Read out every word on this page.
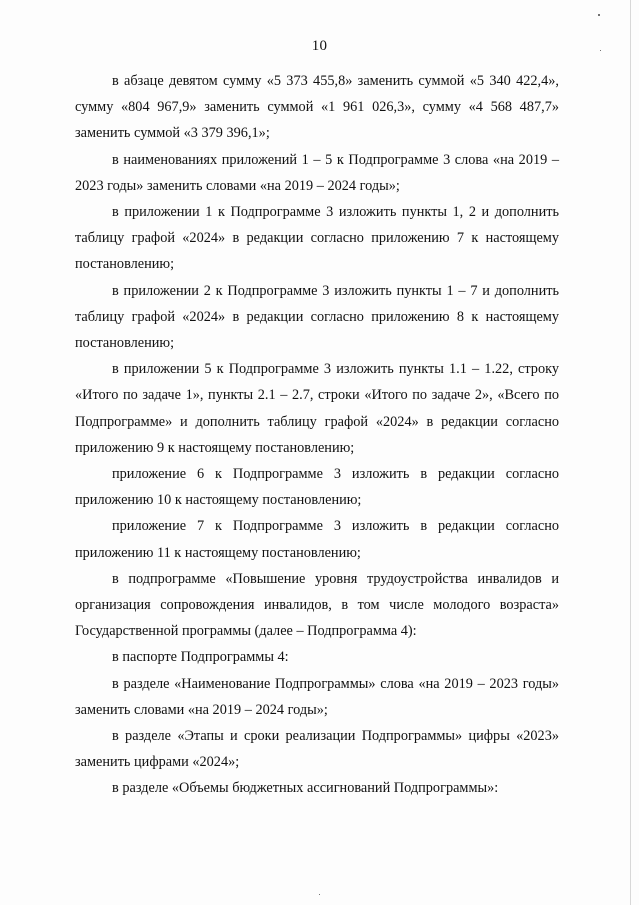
10

в абзаце девятом сумму «5 373 455,8» заменить суммой «5 340 422,4», сумму «804 967,9» заменить суммой «1 961 026,3», сумму «4 568 487,7» заменить суммой «3 379 396,1»;

в наименованиях приложений 1 – 5 к Подпрограмме 3 слова «на 2019 – 2023 годы» заменить словами «на 2019 – 2024 годы»;

в приложении 1 к Подпрограмме 3 изложить пункты 1, 2 и дополнить таблицу графой «2024» в редакции согласно приложению 7 к настоящему постановлению;

в приложении 2 к Подпрограмме 3 изложить пункты 1 – 7 и дополнить таблицу графой «2024» в редакции согласно приложению 8 к настоящему постановлению;

в приложении 5 к Подпрограмме 3 изложить пункты 1.1 – 1.22, строку «Итого по задаче 1», пункты 2.1 – 2.7, строки «Итого по задаче 2», «Всего по Подпрограмме» и дополнить таблицу графой «2024» в редакции согласно приложению 9 к настоящему постановлению;

приложение 6 к Подпрограмме 3 изложить в редакции согласно приложению 10 к настоящему постановлению;

приложение 7 к Подпрограмме 3 изложить в редакции согласно приложению 11 к настоящему постановлению;

в подпрограмме «Повышение уровня трудоустройства инвалидов и организация сопровождения инвалидов, в том числе молодого возраста» Государственной программы (далее – Подпрограмма 4):

в паспорте Подпрограммы 4:

в разделе «Наименование Подпрограммы» слова «на 2019 – 2023 годы» заменить словами «на 2019 – 2024 годы»;

в разделе «Этапы и сроки реализации Подпрограммы» цифры «2023» заменить цифрами «2024»;

в разделе «Объемы бюджетных ассигнований Подпрограммы»:
